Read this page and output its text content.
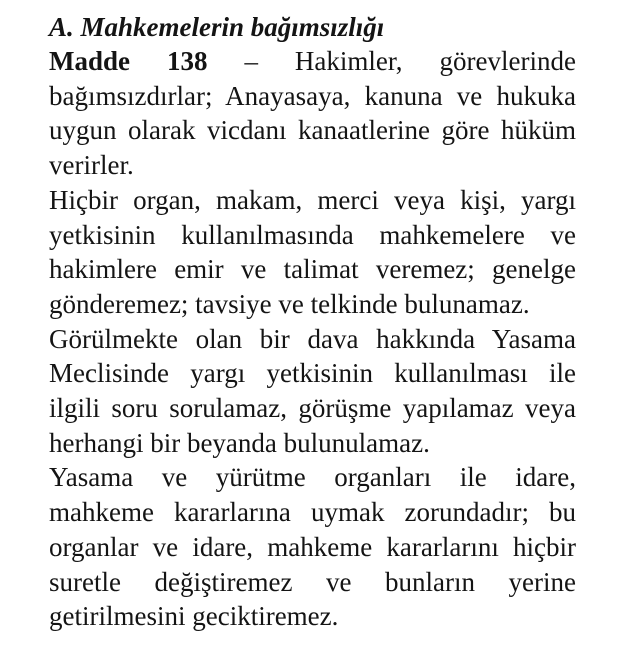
A. Mahkemelerin bağımsızlığı
Madde 138 – Hakimler, görevlerinde
bağımsızdırlar; Anayasaya, kanuna ve hukuka
uygun olarak vicdanı kanaatlerine göre hüküm
verirler.
Hiçbir organ, makam, merci veya kişi, yargı
yetkisinin kullanılmasında mahkemelere ve
hakimlere emir ve talimat veremez; genelge
gönderemez; tavsiye ve telkinde bulunamaz.
Görülmekte olan bir dava hakkında Yasama
Meclisinde yargı yetkisinin kullanılması ile
ilgili soru sorulamaz, görüşme yapılamaz veya
herhangi bir beyanda bulunulamaz.
Yasama ve yürütme organları ile idare,
mahkeme kararlarına uymak zorundadır; bu
organlar ve idare, mahkeme kararlarını hiçbir
suretle değiştiremez ve bunların yerine
getirilmesini geciktiremez.
